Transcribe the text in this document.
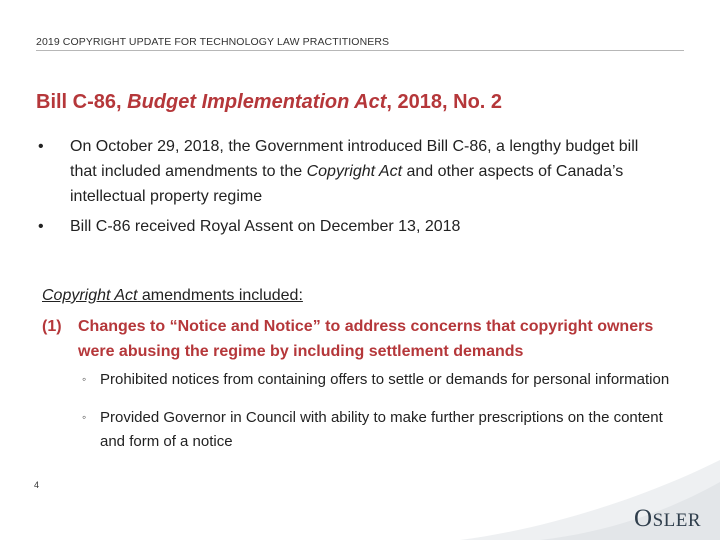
2019 COPYRIGHT UPDATE FOR TECHNOLOGY LAW PRACTITIONERS
Bill C-86, Budget Implementation Act, 2018, No. 2
• On October 29, 2018, the Government introduced Bill C-86, a lengthy budget bill that included amendments to the Copyright Act and other aspects of Canada’s intellectual property regime
• Bill C-86 received Royal Assent on December 13, 2018
Copyright Act amendments included:
(1) Changes to “Notice and Notice” to address concerns that copyright owners were abusing the regime by including settlement demands
◦ Prohibited notices from containing offers to settle or demands for personal information
◦ Provided Governor in Council with ability to make further prescriptions on the content and form of a notice
4
OSLER
